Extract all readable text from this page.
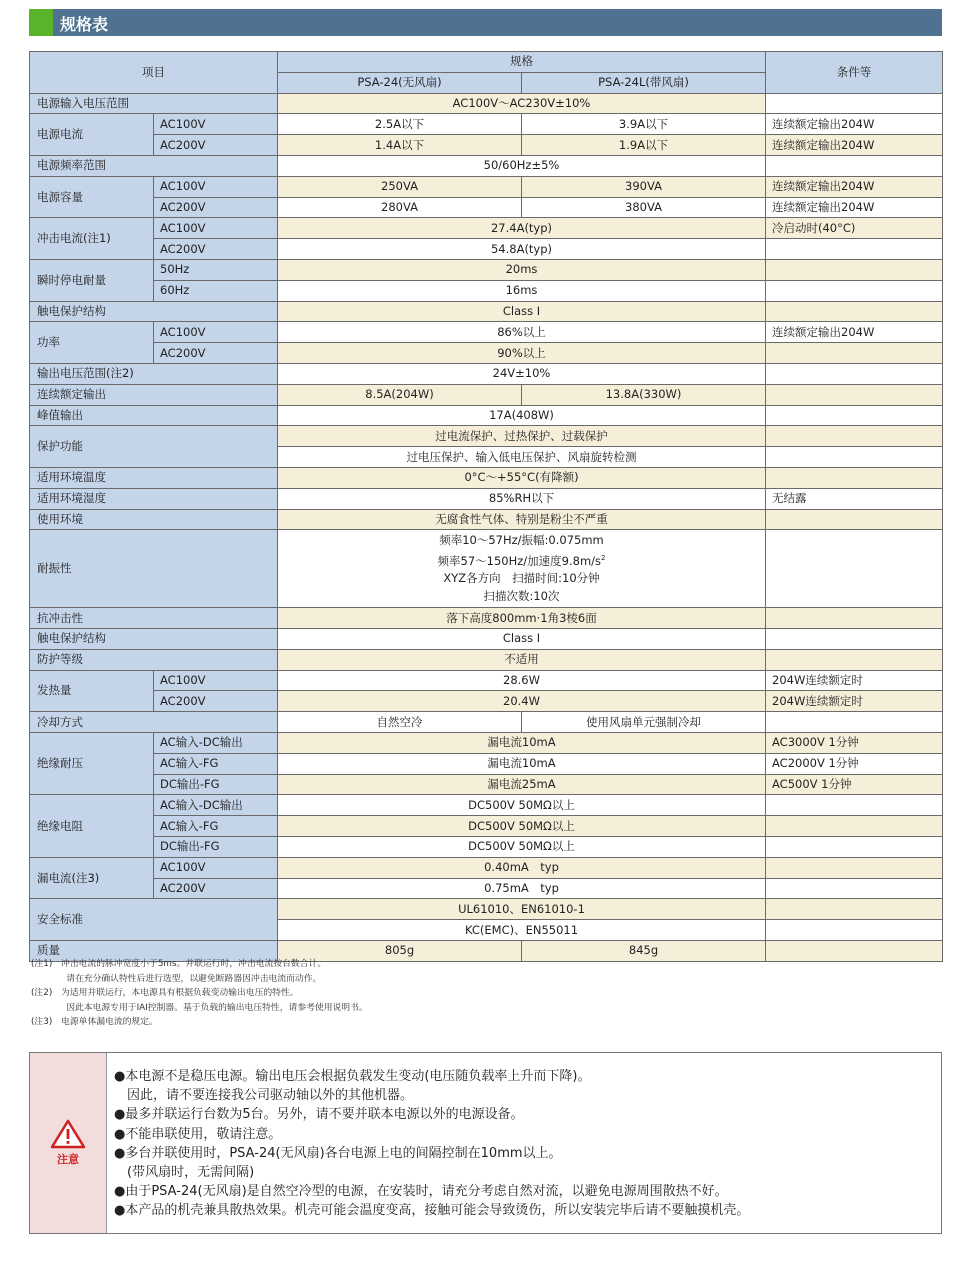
规格表
项目		规格		条件等
		PSA-24(无风扇)	PSA-24L(带风扇)	
电源输入电压范围		AC100V～AC230V±10%		
电源电流	AC100V	2.5A以下	3.9A以下	连续额定输出204W
	AC200V	1.4A以下	1.9A以下	连续额定输出204W
电源频率范围		50/60Hz±5%		
电源容量	AC100V	250VA	390VA	连续额定输出204W
	AC200V	280VA	380VA	连续额定输出204W
冲击电流(注1)	AC100V	27.4A(typ)		冷启动时(40°C)
	AC200V	54.8A(typ)		
瞬时停电耐量	50Hz	20ms		
	60Hz	16ms		
触电保护结构		Class I		
功率	AC100V	86%以上		连续额定输出204W
	AC200V	90%以上		
输出电压范围(注2)		24V±10%		
连续额定输出		8.5A(204W)	13.8A(330W)	
峰值输出		17A(408W)		
保护功能		过电流保护、过热保护、过载保护		
		过电压保护、输入低电压保护、风扇旋转检测		
适用环境温度		0°C～+55°C(有降额)		
适用环境湿度		85%RH以下		无结露
使用环境		无腐食性气体、特别是粉尘不严重		
耐振性		频率10～57Hz/振幅:0.075mm
频率57～150Hz/加速度$9.8m/s^2$
XYZ各方向　扫描时间:10分钟
扫描次数:10次		

抗冲击性		落下高度800mm·1角3棱6面		
触电保护结构		Class I		
防护等级		不适用		
发热量	AC100V	28.6W		204W连续额定时
	AC200V	20.4W		204W连续额定时
冷却方式		自然空冷	使用风扇单元强制冷却	
绝缘耐压	AC输入-DC输出	漏电流10mA		AC3000V 1分钟
	AC输入-FG	漏电流10mA		AC2000V 1分钟
	DC输出-FG	漏电流25mA		AC500V 1分钟
绝缘电阻	AC输入-DC输出	DC500V 50MΩ以上		
	AC输入-FG	DC500V 50MΩ以上		
	DC输出-FG	DC500V 50MΩ以上		
漏电流(注3)	AC100V	0.40mA　typ		
	AC200V	0.75mA　typ		
安全标准		UL61010、EN61010-1		
		KC(EMC)、EN55011		
质量		805g	845g	
(注1)　冲击电流的脉冲宽度小于5ms。并联运行时，冲击电流按台数合计。
　　　　请在充分确认特性后进行选型，以避免断路器因冲击电流而动作。
(注2)　为适用并联运行，本电源具有根据负载变动输出电压的特性。
　　　　因此本电源专用于IAI控制器。基于负载的输出电压特性，请参考使用说明书。
(注3)　电源单体漏电流的规定。
注意
●本电源不是稳压电源。输出电压会根据负载发生变动(电压随负载率上升而下降)。
　因此，请不要连接我公司驱动轴以外的其他机器。
●最多并联运行台数为5台。另外，请不要并联本电源以外的电源设备。
●不能串联使用，敬请注意。
●多台并联使用时，PSA-24(无风扇)各台电源上电的间隔控制在10mm以上。
　(带风扇时，无需间隔)
●由于PSA-24(无风扇)是自然空冷型的电源，在安装时，请充分考虑自然对流，以避免电源周围散热不好。
●本产品的机壳兼具散热效果。机壳可能会温度变高，接触可能会导致烫伤，所以安装完毕后请不要触摸机壳。
